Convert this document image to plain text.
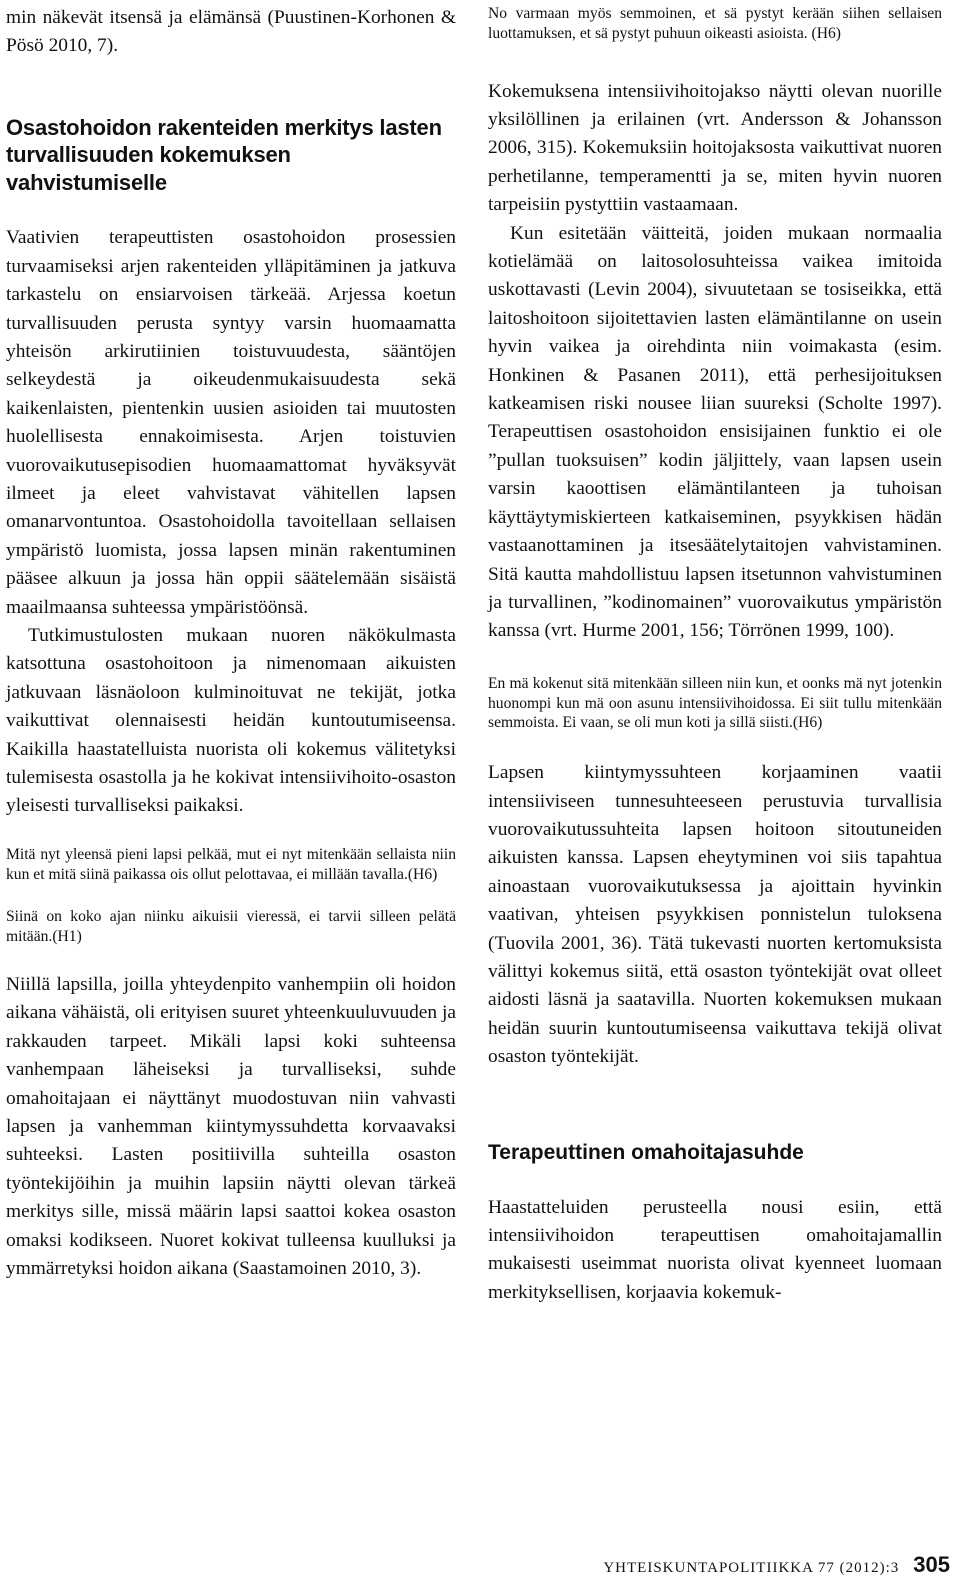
min näkevät itsensä ja elämänsä (Puustinen-Korhonen & Pösö 2010, 7).

Osastohoidon rakenteiden merkitys lasten turvallisuuden kokemuksen vahvistumiselle

Vaativien terapeuttisten osastohoidon prosessien turvaamiseksi arjen rakenteiden ylläpitäminen ja jatkuva tarkastelu on ensiarvoisen tärkeää. Arjessa koetun turvallisuuden perusta syntyy varsin huomaamatta yhteisön arkirutiinien toistuvuudesta, sääntöjen selkeydestä ja oikeudenmukaisuudesta sekä kaikenlaisten, pientenkin uusien asioiden tai muutosten huolellisesta ennakoimisesta. Arjen toistuvien vuorovaikutusepisodien huomaamattomat hyväksyvät ilmeet ja eleet vahvistavat vähitellen lapsen omanarvontuntoa. Osastohoidolla tavoitellaan sellaisen ympäristö luomista, jossa lapsen minän rakentuminen pääsee alkuun ja jossa hän oppii säätelemään sisäistä maailmaansa suhteessa ympäristöönsä.

Tutkimustulosten mukaan nuoren näkökulmasta katsottuna osastohoitoon ja nimenomaan aikuisten jatkuvaan läsnäoloon kulminoituvat ne tekijät, jotka vaikuttivat olennaisesti heidän kuntoutumiseensa. Kaikilla haastatelluista nuorista oli kokemus välitetyksi tulemisesta osastolla ja he kokivat intensiivihoito-osaston yleisesti turvalliseksi paikaksi.

Mitä nyt yleensä pieni lapsi pelkää, mut ei nyt mitenkään sellaista niin kun et mitä siinä paikassa ois ollut pelottavaa, ei millään tavalla.(H6)

Siinä on koko ajan niinku aikuisii vieressä, ei tarvii silleen pelätä mitään.(H1)

Niillä lapsilla, joilla yhteydenpito vanhempiin oli hoidon aikana vähäistä, oli erityisen suuret yhteenkuuluvuuden ja rakkauden tarpeet. Mikäli lapsi koki suhteensa vanhempaan läheiseksi ja turvalliseksi, suhde omahoitajaan ei näyttänyt muodostuvan niin vahvasti lapsen ja vanhemman kiintymyssuhdetta korvaavaksi suhteeksi. Lasten positiivilla suhteilla osaston työntekijöihin ja muihin lapsiin näytti olevan tärkeä merkitys sille, missä määrin lapsi saattoi kokea osaston omaksi kodikseen. Nuoret kokivat tulleensa kuulluksi ja ymmärretyksi hoidon aikana (Saastamoinen 2010, 3).

No varmaan myös semmoinen, et sä pystyt kerään siihen sellaisen luottamuksen, et sä pystyt puhuun oikeasti asioista. (H6)

Kokemuksena intensiivihoitojakso näytti olevan nuorille yksilöllinen ja erilainen (vrt. Andersson & Johansson 2006, 315). Kokemuksiin hoitojaksosta vaikuttivat nuoren perhetilanne, temperamentti ja se, miten hyvin nuoren tarpeisiin pystyttiin vastaamaan.

Kun esitetään väitteitä, joiden mukaan normaalia kotielämää on laitosolosuhteissa vaikea imitoida uskottavasti (Levin 2004), sivuutetaan se tosiseikka, että laitoshoitoon sijoitettavien lasten elämäntilanne on usein hyvin vaikea ja oirehdinta niin voimakasta (esim. Honkinen & Pasanen 2011), että perhesijoituksen katkeamisen riski nousee liian suureksi (Scholte 1997). Terapeuttisen osastohoidon ensisijainen funktio ei ole ”pullan tuoksuisen” kodin jäljittely, vaan lapsen usein varsin kaoottisen elämäntilanteen ja tuhoisan käyttäytymiskierteen katkaiseminen, psyykkisen hädän vastaanottaminen ja itsesäätelytaitojen vahvistaminen. Sitä kautta mahdollistuu lapsen itsetunnon vahvistuminen ja turvallinen, ”kodinomainen” vuorovaikutus ympäristön kanssa (vrt. Hurme 2001, 156; Törrönen 1999, 100).

En mä kokenut sitä mitenkään silleen niin kun, et oonks mä nyt jotenkin huonompi kun mä oon asunu intensiivihoidossa. Ei siit tullu mitenkään semmoista. Ei vaan, se oli mun koti ja sillä siisti.(H6)

Lapsen kiintymyssuhteen korjaaminen vaatii intensiiviseen tunnesuhteeseen perustuvia turvallisia vuorovaikutussuhteita lapsen hoitoon sitoutuneiden aikuisten kanssa. Lapsen eheytyminen voi siis tapahtua ainoastaan vuorovaikutuksessa ja ajoittain hyvinkin vaativan, yhteisen psyykkisen ponnistelun tuloksena (Tuovila 2001, 36). Tätä tukevasti nuorten kertomuksista välittyi kokemus siitä, että osaston työntekijät ovat olleet aidosti läsnä ja saatavilla. Nuorten kokemuksen mukaan heidän suurin kuntoutumiseensa vaikuttava tekijä olivat osaston työntekijät.

Terapeuttinen omahoitajasuhde

Haastatteluiden perusteella nousi esiin, että intensiivihoidon terapeuttisen omahoitajamallin mukaisesti useimmat nuorista olivat kyenneet luomaan merkityksellisen, korjaavia kokemuk-

YHTEISKUNTAPOLITIIKKA 77 (2012):3 305
